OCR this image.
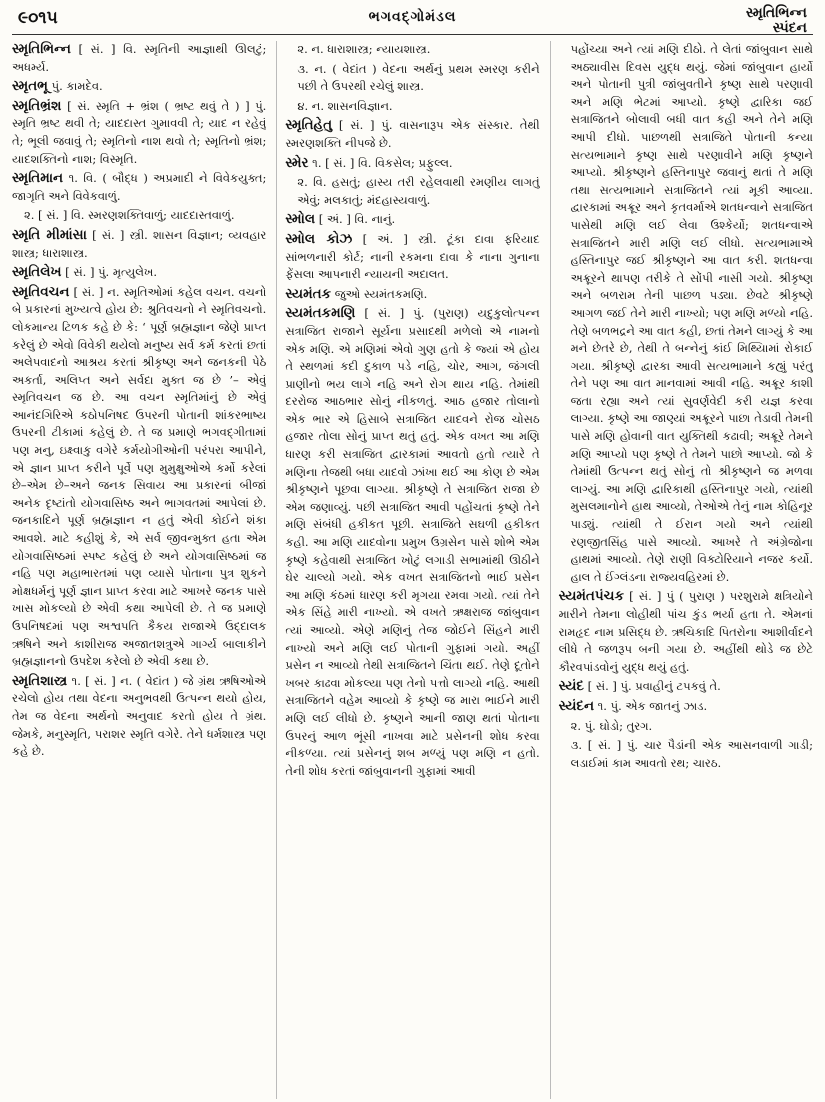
૯૦૧૫	ભગવદ્ગોમંડલ	સ્મૃતિભિન્ન
સ્પંદન

સ્મૃતિભિન્ન [ સં. ] વિ. સ્મૃતિની આજ્ઞાથી ઊલટું; અધર્મ્ય.

સ્મૃતભૂ પું. કામદેવ.

સ્મૃતિભ્રંશ [ સં. સ્મૃતિ + ભ્રંશ ( ભ્રષ્ટ થવું તે ) ] પું. સ્મૃતિ ભ્રષ્ટ થવી તે; યાદદાસ્ત ગુમાવવી તે; યાદ ન રહેવું તે; ભૂલી જવાવું તે; સ્મૃતિનો નાશ થવો તે; સ્મૃતિનો ભ્રંશ; યાદશક્તિનો નાશ; વિસ્મૃતિ.

સ્મૃતિમાન ૧. વિ. ( બૌદ્ધ ) અપ્રમાદી ને વિવેકયુક્ત; જાગૃતિ અને વિવેકવાળું.

૨. [ સં. ] વિ. સ્મરણશક્તિવાળું; યાદદાસ્તવાળું.

સ્મૃતિ મીમાંસા [ સં. ] સ્ત્રી. શાસન વિજ્ઞાન; વ્યવહાર શાસ્ત્ર; ધારાશાસ્ત્ર.

સ્મૃતિલેખ [ સં. ] પું. મૃત્યુલેખ.

સ્મૃતિવચન [ સં. ] ન. સ્મૃતિઓમાં કહેલ વચન. વચનો બે પ્રકારનાં મુખ્યત્વે હોય છે: શ્રુતિવચનો ને સ્મૃતિવચનો. લોકમાન્ય ટિળક કહે છે કે: ‘ પૂર્ણ બ્રહ્મજ્ઞાન જેણે પ્રાપ્ત કરેલું છે એવો વિવેકી થયેલો મનુષ્ય સર્વ કર્મ કરતાં છતાં અલેપવાદનો આશ્રય કરતાં શ્રીકૃષ્ણ અને જનકની પેઠે અકર્તા, અલિપ્ત અને સર્વદા મુક્ત જ છે ’– એવું સ્મૃતિવચન જ છે. આ વચન સ્મૃતિમાંનું છે એવું આનંદગિરિએ કઠોપનિષદ ઉપરની પોતાની શાંકરભાષ્ય ઉપરની ટીકામાં કહેલું છે. તે જ પ્રમાણે ભગવદ્ગીતામાં પણ મનુ, ઇક્ષ્વાકુ વગેરે કર્મયોગીઓની પરંપરા આપીને, એ જ્ઞાન પ્રાપ્ત કરીને પૂર્વે પણ મુમુક્ષુઓએ કર્મો કરેલાં છે–એમ છે–અને જનક સિવાય આ પ્રકારનાં બીજાં અનેક દૃષ્ટાંતો યોગવાસિષ્ઠ અને ભાગવતમાં આપેલાં છે. જનકાદિને પૂર્ણ બ્રહ્મજ્ઞાન ન હતું એવી કોઈને શંકા આવશે. માટે કહીશું કે, એ સર્વ જીવન્મુક્ત હતા એમ યોગવાસિષ્ઠમાં સ્પષ્ટ કહેલું છે અને યોગવાસિષ્ઠમાં જ નહિ પણ મહાભારતમાં પણ વ્યાસે પોતાના પુત્ર શુકને મોક્ષધર્મનું પૂર્ણ જ્ઞાન પ્રાપ્ત કરવા માટે આખરે જનક પાસે ખાસ મોકલ્યો છે એવી કથા આપેલી છે. તે જ પ્રમાણે ઉપનિષદમાં પણ અશ્વપતિ કૈકય રાજાએ ઉદ્દાલક ઋષિને અને કાશીરાજ અજાતશત્રુએ ગાર્ગ્ય બાલાકીને બ્રહ્મજ્ઞાનનો ઉપદેશ કરેલો છે એવી કથા છે.

સ્મૃતિશાસ્ત્ર ૧. [ સં. ] ન. ( વેદાંત ) જે ગ્રંથ ઋષિઓએ રચેલો હોય તથા વેદના અનુભવથી ઉત્પન્ન થયો હોય, તેમ જ વેદના અર્થનો અનુવાદ કરતો હોય તે ગ્રંથ. જેમકે, મનુસ્મૃતિ, પરાશર સ્મૃતિ વગેરે. તેને ધર્મશાસ્ત્ર પણ કહે છે.

૨. ન. ધારાશાસ્ત્ર; ન્યાયશાસ્ત્ર.

૩. ન. ( વેદાંત ) વેદના અર્થનું પ્રથમ સ્મરણ કરીને પછી તે ઉપરથી રચેલું શાસ્ત્ર.

૪. ન. શાસનવિજ્ઞાન.

સ્મૃતિહેતુ [ સં. ] પું. વાસનારૂપ એક સંસ્કાર. તેથી સ્મરણશક્તિ નીપજે છે.

સ્મેર ૧. [ સં. ] વિ. વિકસેલ; પ્રફુલ્લ.

૨. વિ. હસતું; હાસ્ય તરી રહેલવાથી રમણીય લાગતું એવું; મલકાતું; મંદહાસ્યવાળું.

સ્મોલ [ અં. ] વિ. નાનું.

સ્મોલ કોઝ [ અં. ] સ્ત્રી. ટૂંકા દાવા ફરિયાદ સાંભળનારી કોર્ટ; નાની રકમના દાવા કે નાના ગુનાના ફેંસલા આપનારી ન્યાયની અદાલત.

સ્યમંતક જુઓ સ્યમંતકમણિ.

સ્યમંતકમણિ [ સં. ] પું. (પુરાણ) યદુકુલોત્પન્ન સત્રાજિત રાજાને સૂર્યના પ્રસાદથી મળેલો એ નામનો એક મણિ. એ મણિમાં એવો ગુણ હતો કે જ્યાં એ હોય તે સ્થળમાં કદી દુકાળ પડે નહિ, ચોર, આગ, જંગલી પ્રાણીનો ભય લાગે નહિ અને રોગ થાય નહિ. તેમાંથી દરરોજ આઠભાર સોનું નીકળતું. આઠ હજાર તોલાનો એક ભાર એ હિસાબે સત્રાજિત યાદવને રોજ ચોસઠ હજાર તોલા સોનું પ્રાપ્ત થતું હતું. એક વખત આ મણિ ધારણ કરી સત્રાજિત દ્વારકામાં આવતો હતો ત્યારે તે મણિના તેજથી બધા યાદવો ઝાંખા થઈ આ કોણ છે એમ શ્રીકૃષ્ણને પૂછવા લાગ્યા. શ્રીકૃષ્ણે તે સત્રાજિત રાજા છે એમ જણાવ્યું. પછી સત્રાજિત આવી પહોંચતાં કૃષ્ણે તેને મણિ સંબંધી હકીકત પૂછી. સત્રાજિતે સઘળી હકીકત કહી. આ મણિ યાદવોના પ્રમુખ ઉગ્રસેન પાસે શોભે એમ કૃષ્ણે કહેવાથી સત્રાજિત ખોટું લગાડી સભામાંથી ઊઠીને ઘેર ચાલ્યો ગયો. એક વખત સત્રાજિતનો ભાઈ પ્રસેન આ મણિ કંઠમાં ધારણ કરી મૃગયા રમવા ગયો. ત્યાં તેને એક સિંહે મારી નાખ્યો. એ વખતે ઋક્ષરાજ જાંબુવાન ત્યાં આવ્યો. એણે મણિનું તેજ જોઈને સિંહને મારી નાખ્યો અને મણિ લઈ પોતાની ગુફામાં ગયો. અહીં પ્રસેન ન આવ્યો તેથી સત્રાજિતને ચિંતા થઈ. તેણે દૂતોને ખબર કાઢવા મોકલ્યા પણ તેનો પત્તો લાગ્યો નહિ. આથી સત્રાજિતને વહેમ આવ્યો કે કૃષ્ણે જ મારા ભાઈને મારી મણિ લઈ લીધો છે. કૃષ્ણને આની જાણ થતાં પોતાના ઉપરનું આળ ભૂંસી નાખવા માટે પ્રસેનની શોધ કરવા નીકળ્યા. ત્યાં પ્રસેનનું શબ મળ્યું પણ મણિ ન હતો. તેની શોધ કરતાં જાંબુવાનની ગુફામાં આવી

પહોંચ્યા અને ત્યાં મણિ દીઠો. તે લેતાં જાંબુવાન સાથે અઠ્યાવીસ દિવસ યુદ્ધ થયું. જેમાં જાંબુવાન હાર્યો અને પોતાની પુત્રી જાંબુવતીને કૃષ્ણ સાથે પરણાવી અને મણિ ભેટમાં આપ્યો. કૃષ્ણે દ્વારિકા જઈ સત્રાજિતને બોલાવી બધી વાત કહી અને તેને મણિ આપી દીધો. પાછળથી સત્રાજિતે પોતાની કન્યા સત્યભામાને કૃષ્ણ સાથે પરણાવીને મણિ કૃષ્ણને આપ્યો. શ્રીકૃષ્ણને હસ્તિનાપુર જવાનું થતાં તે મણિ તથા સત્યભામાને સત્રાજિતને ત્યાં મૂકી આવ્યા. દ્વારકામાં અક્રૂર અને કૃતવર્માએ શતધન્વાને સત્રાજિત પાસેથી મણિ લઈ લેવા ઉશ્કેર્યો; શતધન્વાએ સત્રાજિતને મારી મણિ લઈ લીધો. સત્યભામાએ હસ્તિનાપુર જઈ શ્રીકૃષ્ણને આ વાત કરી. શતધન્વા અક્રૂરને થાપણ તરીકે તે સોંપી નાસી ગયો. શ્રીકૃષ્ણ અને બળરામ તેની પાછળ પડ્યા. છેવટે શ્રીકૃષ્ણે આગળ જઈ તેને મારી નાખ્યો; પણ મણિ મળ્યો નહિ. તેણે બળભદ્રને આ વાત કહી, છતાં તેમને લાગ્યું કે આ મને છેતરે છે, તેથી તે બન્નેનું કાંઈ મિથ્યિામાં રોકાઈ ગયા. શ્રીકૃષ્ણે દ્વારકા આવી સત્યભામાને કહ્યું પરંતુ તેને પણ આ વાત માનવામાં આવી નહિ. અક્રૂર કાશી જતા રહ્યા અને ત્યાં સુવર્ણવેદી કરી યજ્ઞ કરવા લાગ્યા. કૃષ્ણે આ જાણ્યાં અક્રૂરને પાછા તેડાવી તેમની પાસે મણિ હોવાની વાત યુક્તિથી કઢાવી; અક્રૂરે તેમને મણિ આપ્યો પણ કૃષ્ણે તે તેમને પાછો આપ્યો. જો કે તેમાંથી ઉત્પન્ન થતું સોનું તો શ્રીકૃષ્ણને જ મળવા લાગ્યું. આ મણિ દ્વારિકાથી હસ્તિનાપુર ગયો, ત્યાંથી મુસલમાનોને હાથ આવ્યો, તેઓએ તેનું નામ કોહિનૂર પાડ્યું. ત્યાંથી તે ઈરાન ગયો અને ત્યાંથી રણજીતસિંહ પાસે આવ્યો. આખરે તે અંગ્રેજોના હાથમાં આવ્યો. તેણે રાણી વિક્ટોરિયાને નજર કર્યો. હાલ તે ઈંગ્લંડના રાજ્યવહિરમાં છે.

સ્યમંતપંચક [ સં. ] પું ( પુરાણ ) પરશુરામે ક્ષત્રિયોને મારીને તેમના લોહીથી પાંચ કુંડ ભર્યા હતા તે. એમનાં રામહૃદ નામ પ્રસિદ્ધ છે. ઋચિકાદિ પિતરોના આશીર્વાદને લીધે તે જળરૂપ બની ગયા છે. અહીંથી થોડે જ છેટે કૌરવપાંડવોનું યુદ્ધ થયું હતું.

સ્યંદ [ સં. ] પું. પ્રવાહીનું ટપકવું તે.

સ્યંદન ૧. પું. એક જાતનું ઝાડ.

૨. પું. ઘોડો; તુરગ.

૩. [ સં. ] પું. ચાર પૈડાંની એક આસનવાળી ગાડી; લડાઈમાં કામ આવતો રથ; ચારઠ.
